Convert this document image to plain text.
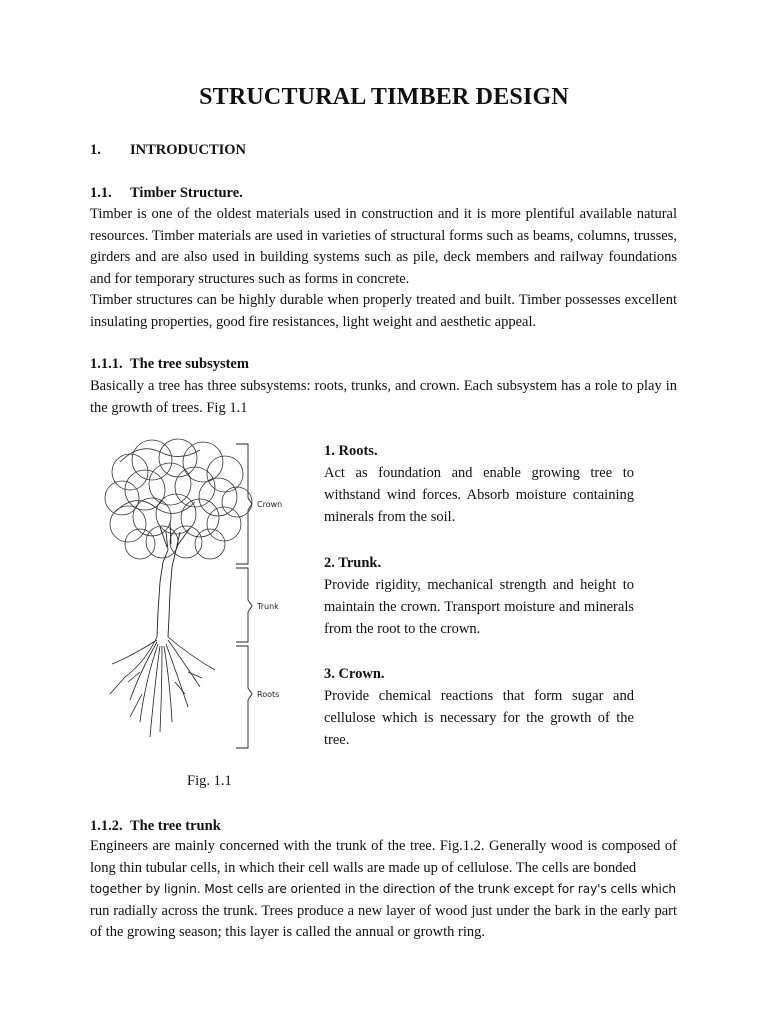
STRUCTURAL TIMBER DESIGN
1. INTRODUCTION
1.1. Timber Structure.

Timber is one of the oldest materials used in construction and it is more plentiful available natural resources. Timber materials are used in varieties of structural forms such as beams, columns, trusses, girders and are also used in building systems such as pile, deck members and railway foundations and for temporary structures such as forms in concrete.

Timber structures can be highly durable when properly treated and built. Timber possesses excellent insulating properties, good fire resistances, light weight and aesthetic appeal.

1.1.1. The tree subsystem

Basically a tree has three subsystems: roots, trunks, and crown. Each subsystem has a role to play in the growth of trees. Fig 1.1

Crown
Trunk
Roots
Fig. 1.1

1. Roots.

Act as foundation and enable growing tree to withstand wind forces. Absorb moisture containing minerals from the soil.

2. Trunk.

Provide rigidity, mechanical strength and height to maintain the crown. Transport moisture and minerals from the root to the crown.

3. Crown.

Provide chemical reactions that form sugar and cellulose which is necessary for the growth of the tree.

1.1.2. The tree trunk

Engineers are mainly concerned with the trunk of the tree. Fig.1.2. Generally wood is composed of long thin tubular cells, in which their cell walls are made up of cellulose. The cells are bonded

together by lignin. Most cells are oriented in the direction of the trunk except for ray's cells which

run radially across the trunk. Trees produce a new layer of wood just under the bark in the early part of the growing season; this layer is called the annual or growth ring.
